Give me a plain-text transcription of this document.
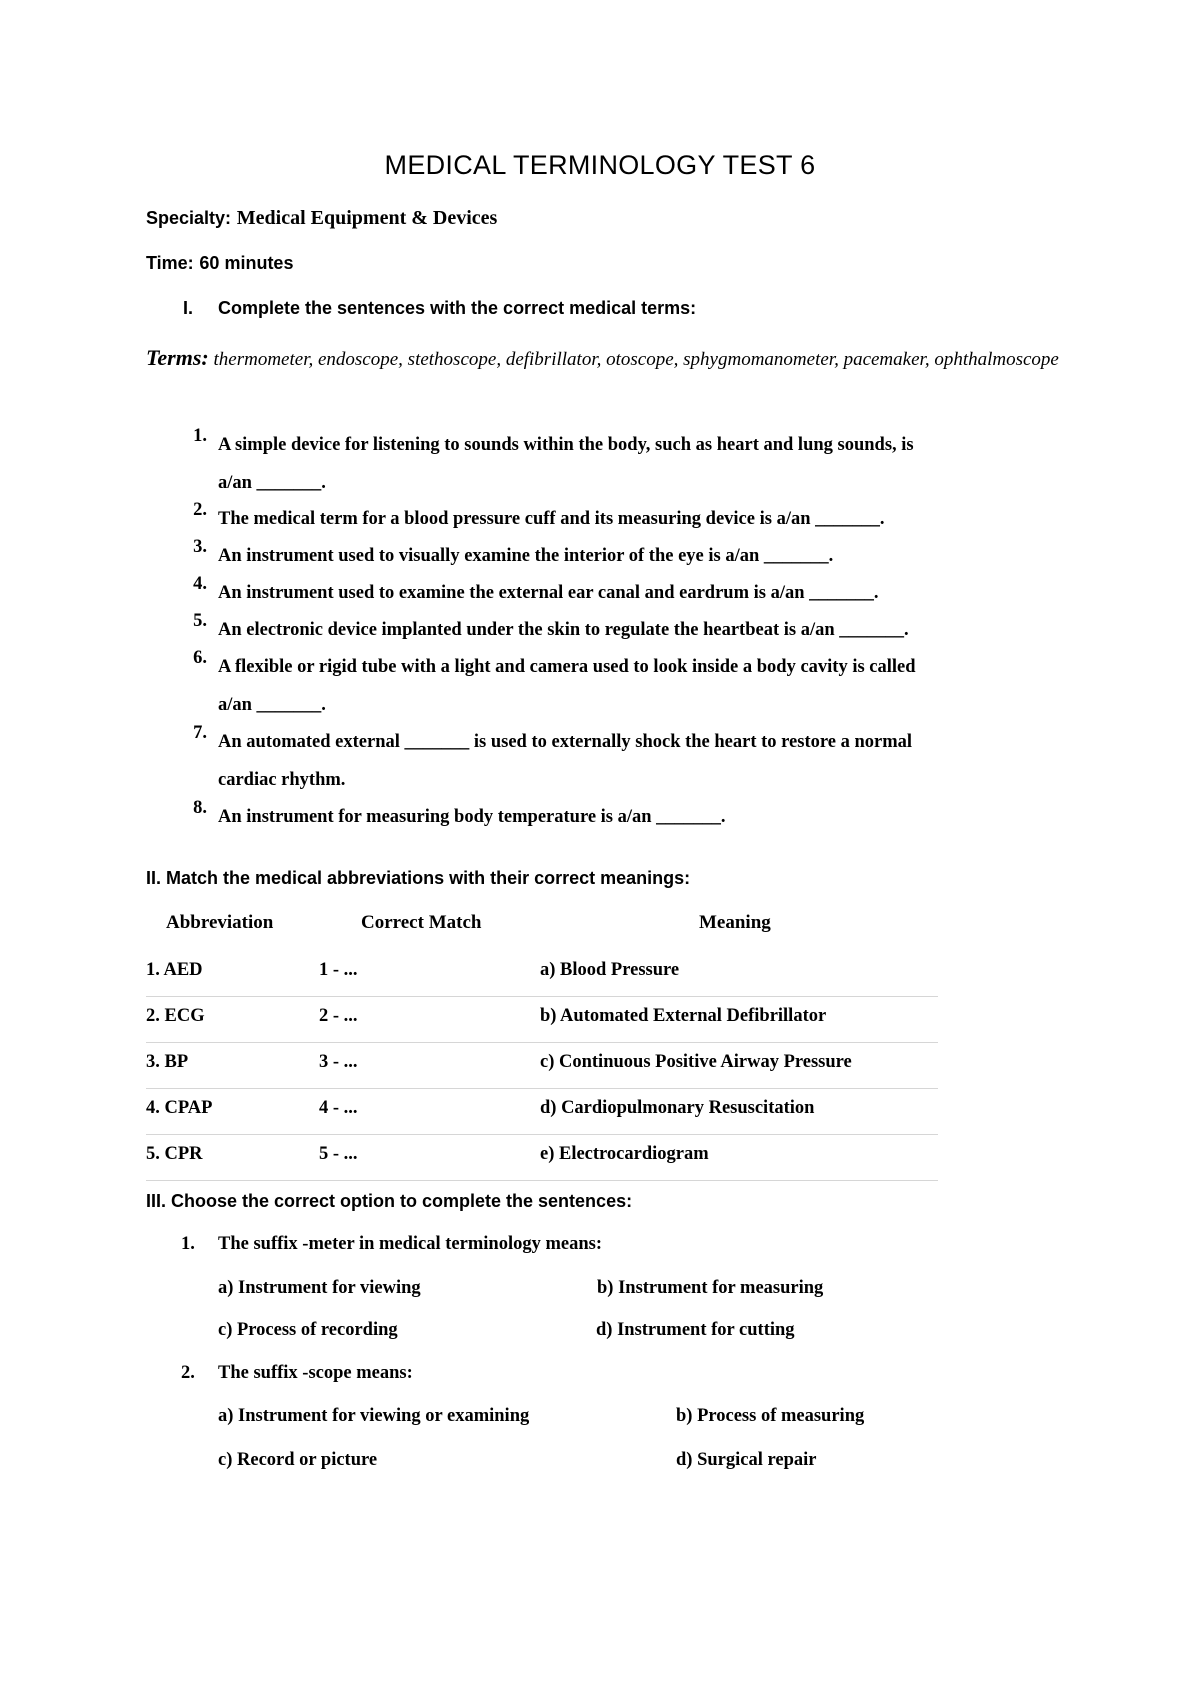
MEDICAL TERMINOLOGY TEST 6
Specialty: Medical Equipment & Devices
Time: 60 minutes
I. Complete the sentences with the correct medical terms:
Terms: thermometer, endoscope, stethoscope, defibrillator, otoscope, sphygmomanometer, pacemaker, ophthalmoscope
1. A simple device for listening to sounds within the body, such as heart and lung sounds, is
a/an _______.
2. The medical term for a blood pressure cuff and its measuring device is a/an _______.
3. An instrument used to visually examine the interior of the eye is a/an _______.
4. An instrument used to examine the external ear canal and eardrum is a/an _______.
5. An electronic device implanted under the skin to regulate the heartbeat is a/an _______.
6. A flexible or rigid tube with a light and camera used to look inside a body cavity is called
a/an _______.
7. An automated external _______ is used to externally shock the heart to restore a normal
cardiac rhythm.
8. An instrument for measuring body temperature is a/an _______.
II. Match the medical abbreviations with their correct meanings:
Abbreviation	Correct Match	Meaning
1. AED	1 - ...	a) Blood Pressure
2. ECG	2 - ...	b) Automated External Defibrillator
3. BP	3 - ...	c) Continuous Positive Airway Pressure
4. CPAP	4 - ...	d) Cardiopulmonary Resuscitation
5. CPR	5 - ...	e) Electrocardiogram
III. Choose the correct option to complete the sentences:
1. The suffix -meter in medical terminology means:
a) Instrument for viewing	b) Instrument for measuring
c) Process of recording	d) Instrument for cutting
2. The suffix -scope means:
a) Instrument for viewing or examining	b) Process of measuring
c) Record or picture	d) Surgical repair
